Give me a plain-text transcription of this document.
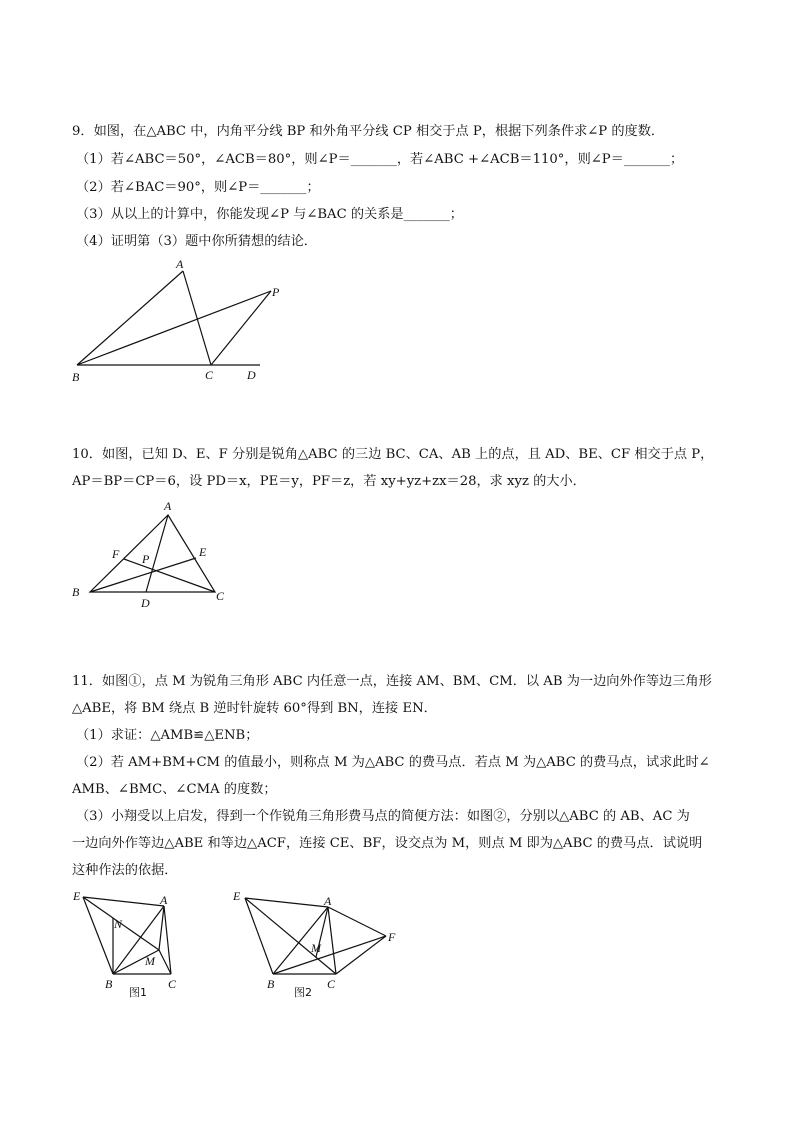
9．如图，在△ABC 中，内角平分线 BP 和外角平分线 CP 相交于点 P，根据下列条件求∠P 的度数．
（1）若∠ABC＝50°，∠ACB＝80°，则∠P＝_______，若∠ABC +∠ACB＝110°，则∠P＝_______；
（2）若∠BAC＝90°，则∠P＝_______；
（3）从以上的计算中，你能发现∠P 与∠BAC 的关系是_______；
（4）证明第（3）题中你所猜想的结论．
A
P
B	C	D
10．如图，已知 D、E、F 分别是锐角△ABC 的三边 BC、CA、AB 上的点，且 AD、BE、CF 相交于点 P，
AP＝BP＝CP＝6，设 PD＝x，PE＝y，PF＝z，若 xy+yz+zx＝28，求 xyz 的大小．
A
F P	E
B
D	C
11．如图①，点 M 为锐角三角形 ABC 内任意一点，连接 AM、BM、CM．以 AB 为一边向外作等边三角形
△ABE，将 BM 绕点 B 逆时针旋转 60°得到 BN，连接 EN．
（1）求证：△AMB≌△ENB；
（2）若 AM+BM+CM 的值最小，则称点 M 为△ABC 的费马点．若点 M 为△ABC 的费马点，试求此时∠
AMB、∠BMC、∠CMA 的度数；
（3）小翔受以上启发，得到一个作锐角三角形费马点的简便方法：如图②，分别以△ABC 的 AB、AC 为
一边向外作等边△ABE 和等边△ACF，连接 CE、BF，设交点为 M，则点 M 即为△ABC 的费马点．试说明
这种作法的依据．
E	A
N
M
B	C
图1
E	A
F
M
B	C
图2
